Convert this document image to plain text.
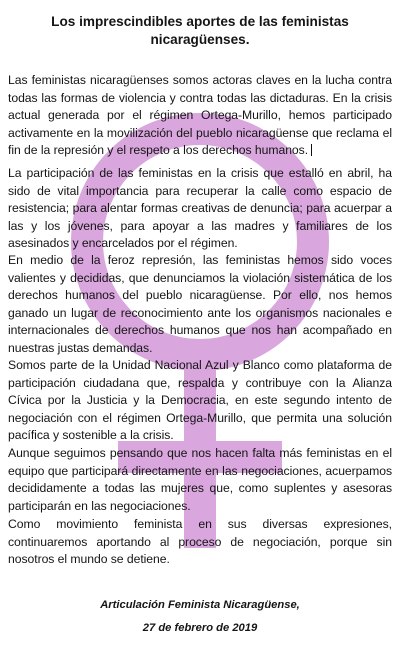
Los imprescindibles aportes de las feministas
nicaragüenses.

Las feministas nicaragüenses somos actoras claves en la lucha contra todas las formas de violencia y contra todas las dictaduras. En la crisis actual generada por el régimen Ortega-Murillo, hemos participado activamente en la movilización del pueblo nicaragüense que reclama el fin de la represión y el respeto a los derechos humanos.

La participación de las feministas en la crisis que estalló en abril, ha sido de vital importancia para recuperar la calle como espacio de resistencia; para alentar formas creativas de denuncia; para acuerpar a las y los jóvenes, para apoyar a las madres y familiares de los asesinados y encarcelados por el régimen.

En medio de la feroz represión, las feministas hemos sido voces valientes y decididas, que denunciamos la violación sistemática de los derechos humanos del pueblo nicaragüense. Por ello, nos hemos ganado un lugar de reconocimiento ante los organismos nacionales e internacionales de derechos humanos que nos han acompañado en nuestras justas demandas.

Somos parte de la Unidad Nacional Azul y Blanco como plataforma de participación ciudadana que, respalda y contribuye con la Alianza Cívica por la Justicia y la Democracia, en este segundo intento de negociación con el régimen Ortega-Murillo, que permita una solución pacífica y sostenible a la crisis.

Aunque seguimos pensando que nos hacen falta más feministas en el equipo que participará directamente en las negociaciones, acuerpamos decididamente a todas las mujeres que, como suplentes y asesoras participarán en las negociaciones.

Como movimiento feminista en sus diversas expresiones, continuaremos aportando al proceso de negociación, porque sin nosotros el mundo se detiene.

Articulación Feminista Nicaragüense,
27 de febrero de 2019
